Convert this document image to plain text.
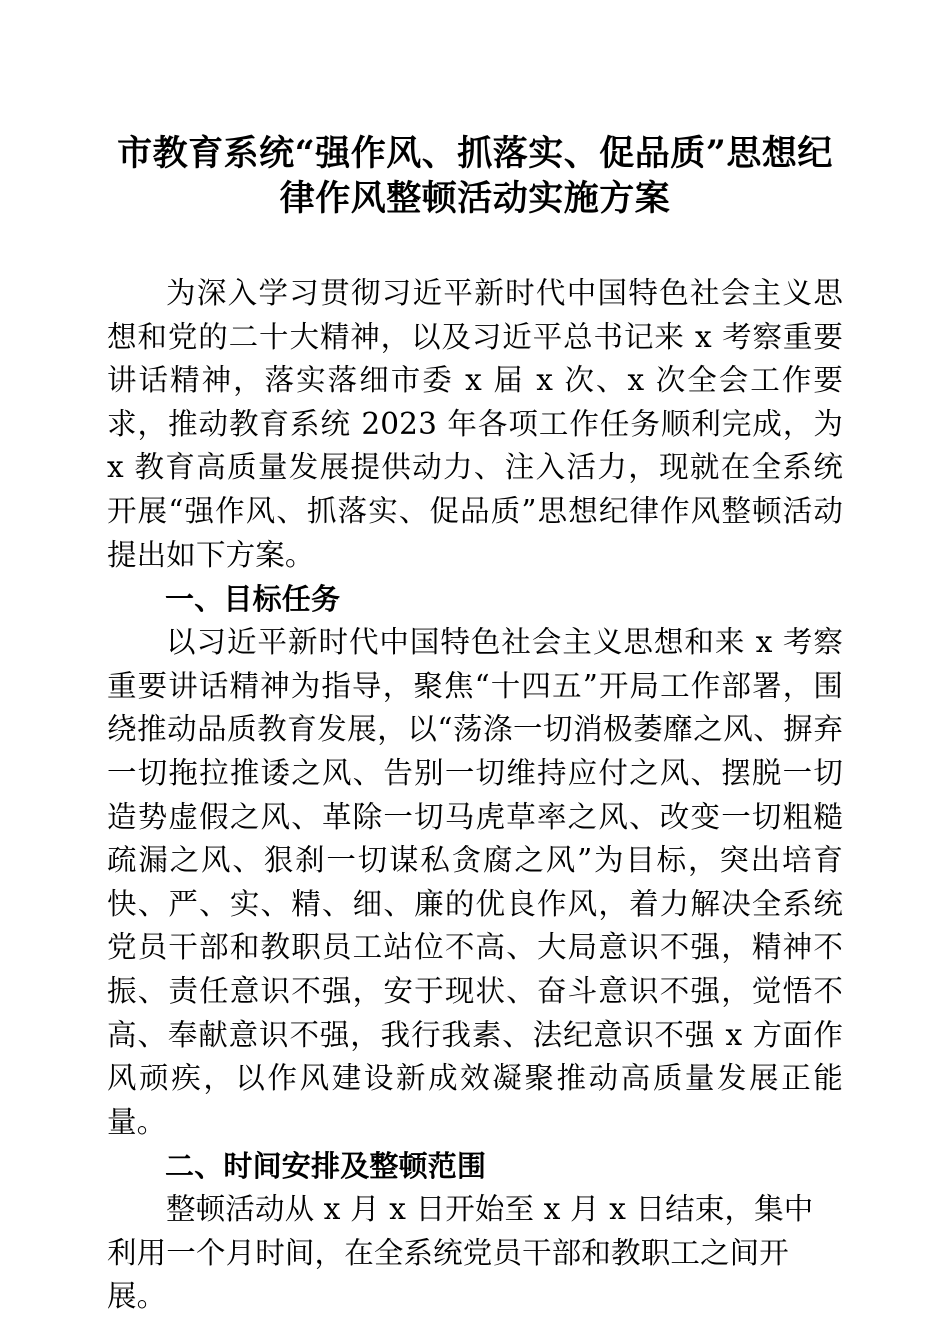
市教育系统“强作风、抓落实、促品质”思想纪律作风整顿活动实施方案

为深入学习贯彻习近平新时代中国特色社会主义思想和党的二十大精神，以及习近平总书记来 x 考察重要讲话精神，落实落细市委 x 届 x 次、x 次全会工作要求，推动教育系统 2023 年各项工作任务顺利完成，为 x 教育高质量发展提供动力、注入活力，现就在全系统开展“强作风、抓落实、促品质”思想纪律作风整顿活动提出如下方案。

一、目标任务

以习近平新时代中国特色社会主义思想和来 x 考察重要讲话精神为指导，聚焦“十四五”开局工作部署，围绕推动品质教育发展，以“荡涤一切消极萎靡之风、摒弃一切拖拉推诿之风、告别一切维持应付之风、摆脱一切造势虚假之风、革除一切马虎草率之风、改变一切粗糙疏漏之风、狠刹一切谋私贪腐之风”为目标，突出培育快、严、实、精、细、廉的优良作风，着力解决全系统党员干部和教职员工站位不高、大局意识不强，精神不振、责任意识不强，安于现状、奋斗意识不强，觉悟不高、奉献意识不强，我行我素、法纪意识不强 x 方面作风顽疾，以作风建设新成效凝聚推动高质量发展正能量。

二、时间安排及整顿范围

整顿活动从 x 月 x 日开始至 x 月 x 日结束，集中利用一个月时间，在全系统党员干部和教职工之间开展。
